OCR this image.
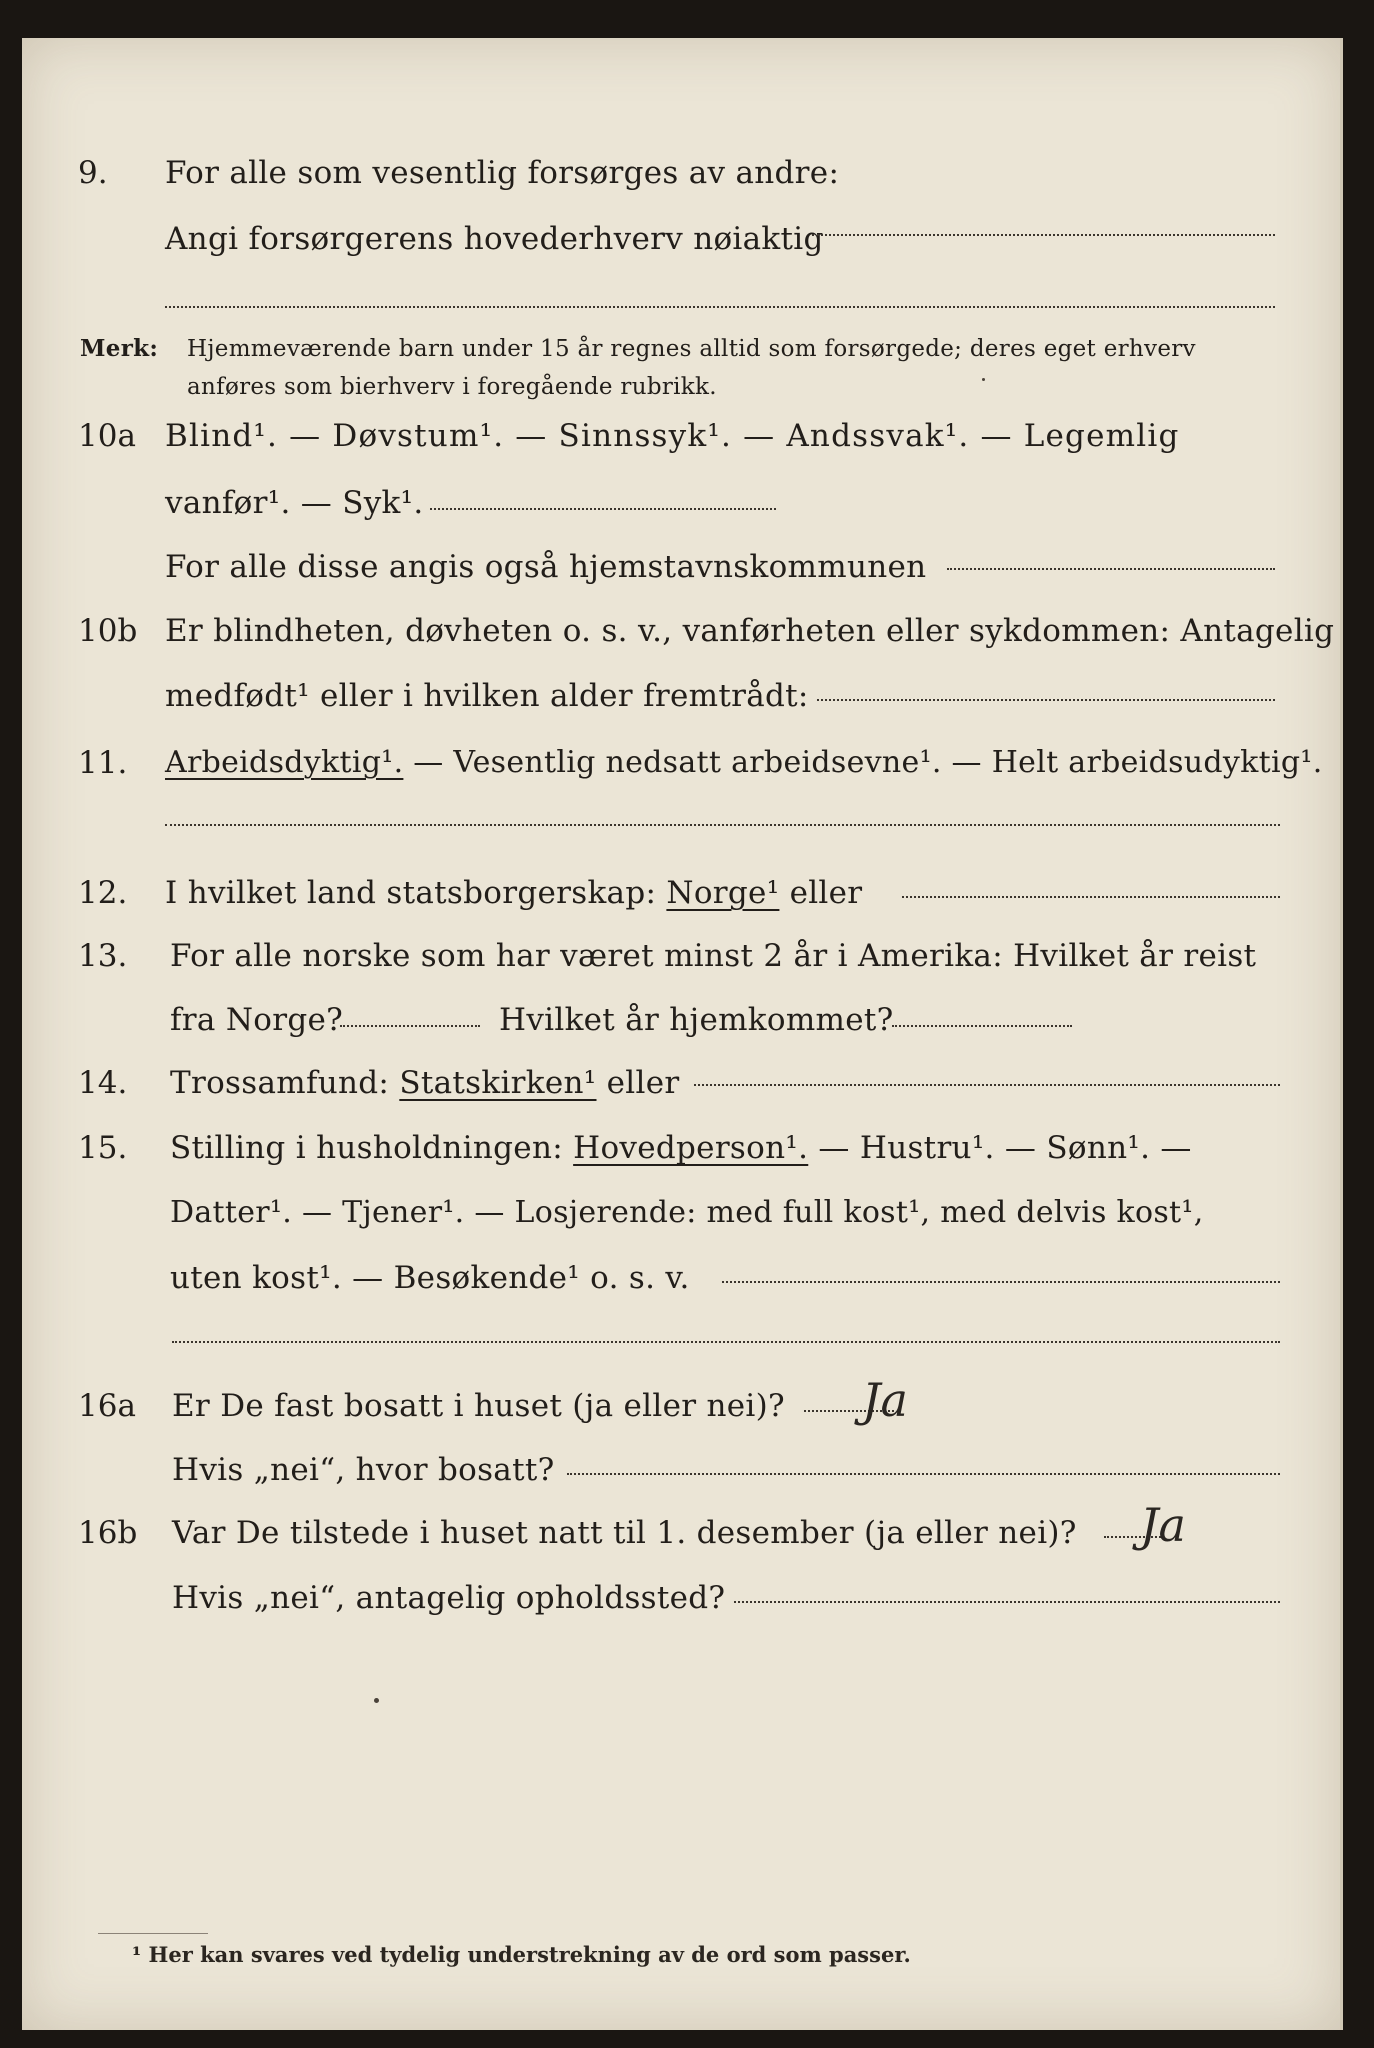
9. For alle som vesentlig forsørges av andre:
Angi forsørgerens hovederhverv nøiaktig
Merk: Hjemmeværende barn under 15 år regnes alltid som forsørgede; deres eget erhverv
anføres som bierhverv i foregående rubrikk.
10a Blind¹. — Døvstum¹. — Sinnssyk¹. — Andssvak¹. — Legemlig
vanfør¹. — Syk¹.
For alle disse angis også hjemstavnskommunen
10b Er blindheten, døvheten o. s. v., vanførheten eller sykdommen: Antagelig
medfødt¹ eller i hvilken alder fremtrådt:
11. Arbeidsdyktig¹. — Vesentlig nedsatt arbeidsevne¹. — Helt arbeidsudyktig¹.
12. I hvilket land statsborgerskap: Norge¹ eller
13. For alle norske som har været minst 2 år i Amerika: Hvilket år reist
fra Norge?	Hvilket år hjemkommet?
14. Trossamfund: Statskirken¹ eller
15. Stilling i husholdningen: Hovedperson¹. — Hustru¹. — Sønn¹. —
Datter¹. — Tjener¹. — Losjerende: med full kost¹, med delvis kost¹,
uten kost¹. — Besøkende¹ o. s. v.
16a Er De fast bosatt i huset (ja eller nei)? Ja
Hvis „nei“, hvor bosatt?
16b Var De tilstede i huset natt til 1. desember (ja eller nei)? Ja
Hvis „nei“, antagelig opholdssted?
¹ Her kan svares ved tydelig understrekning av de ord som passer.
